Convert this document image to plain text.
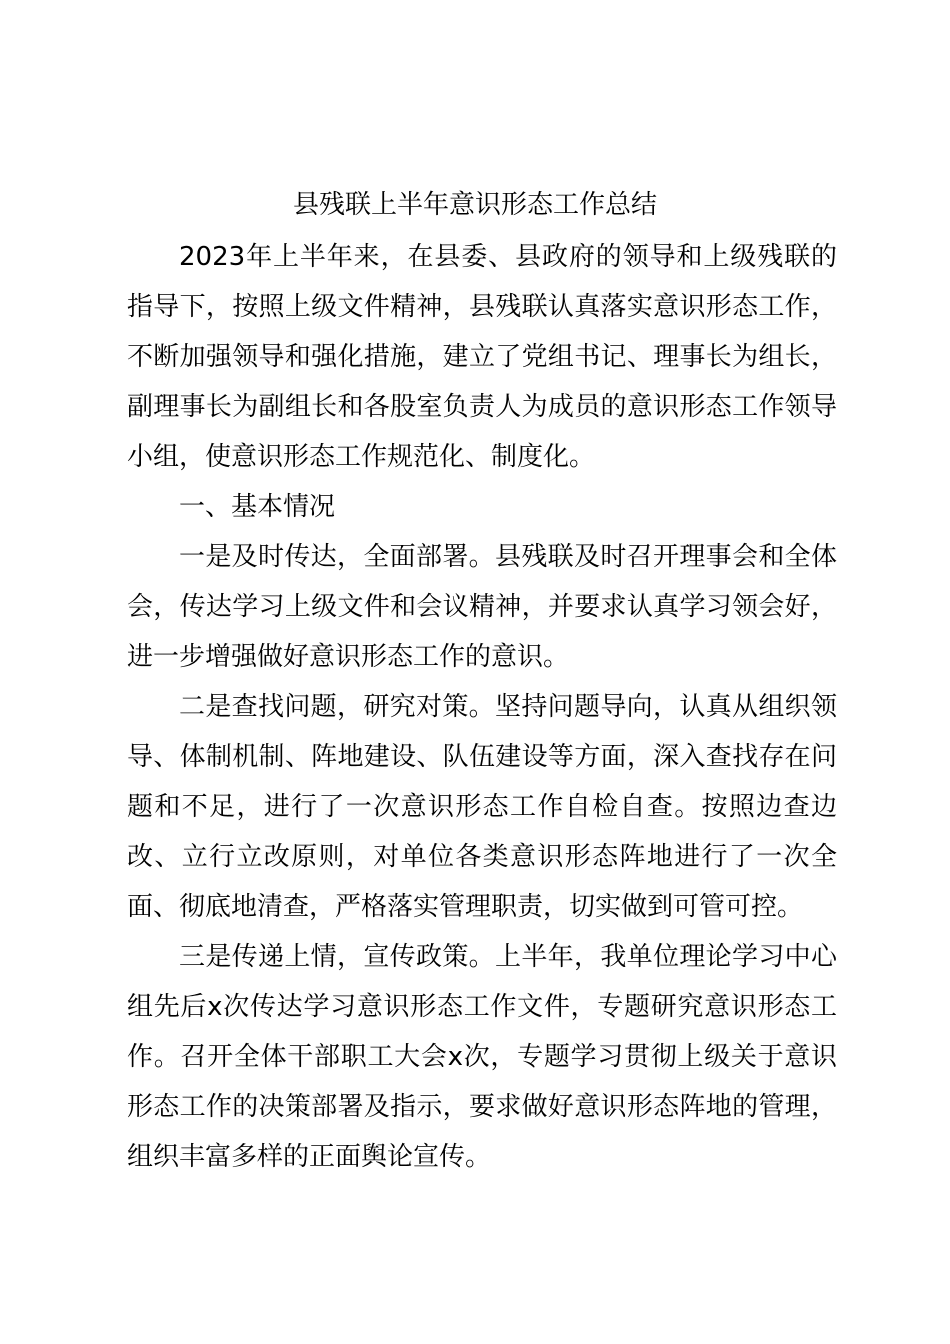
县残联上半年意识形态工作总结

2023年上半年来，在县委、县政府的领导和上级残联的指导下，按照上级文件精神，县残联认真落实意识形态工作，不断加强领导和强化措施，建立了党组书记、理事长为组长，副理事长为副组长和各股室负责人为成员的意识形态工作领导小组，使意识形态工作规范化、制度化。

一、基本情况

一是及时传达，全面部署。县残联及时召开理事会和全体会，传达学习上级文件和会议精神，并要求认真学习领会好，进一步增强做好意识形态工作的意识。

二是查找问题，研究对策。坚持问题导向，认真从组织领导、体制机制、阵地建设、队伍建设等方面，深入查找存在问题和不足，进行了一次意识形态工作自检自查。按照边查边改、立行立改原则，对单位各类意识形态阵地进行了一次全面、彻底地清查，严格落实管理职责，切实做到可管可控。

三是传递上情，宣传政策。上半年，我单位理论学习中心组先后x次传达学习意识形态工作文件，专题研究意识形态工作。召开全体干部职工大会x次，专题学习贯彻上级关于意识形态工作的决策部署及指示，要求做好意识形态阵地的管理，组织丰富多样的正面舆论宣传。
